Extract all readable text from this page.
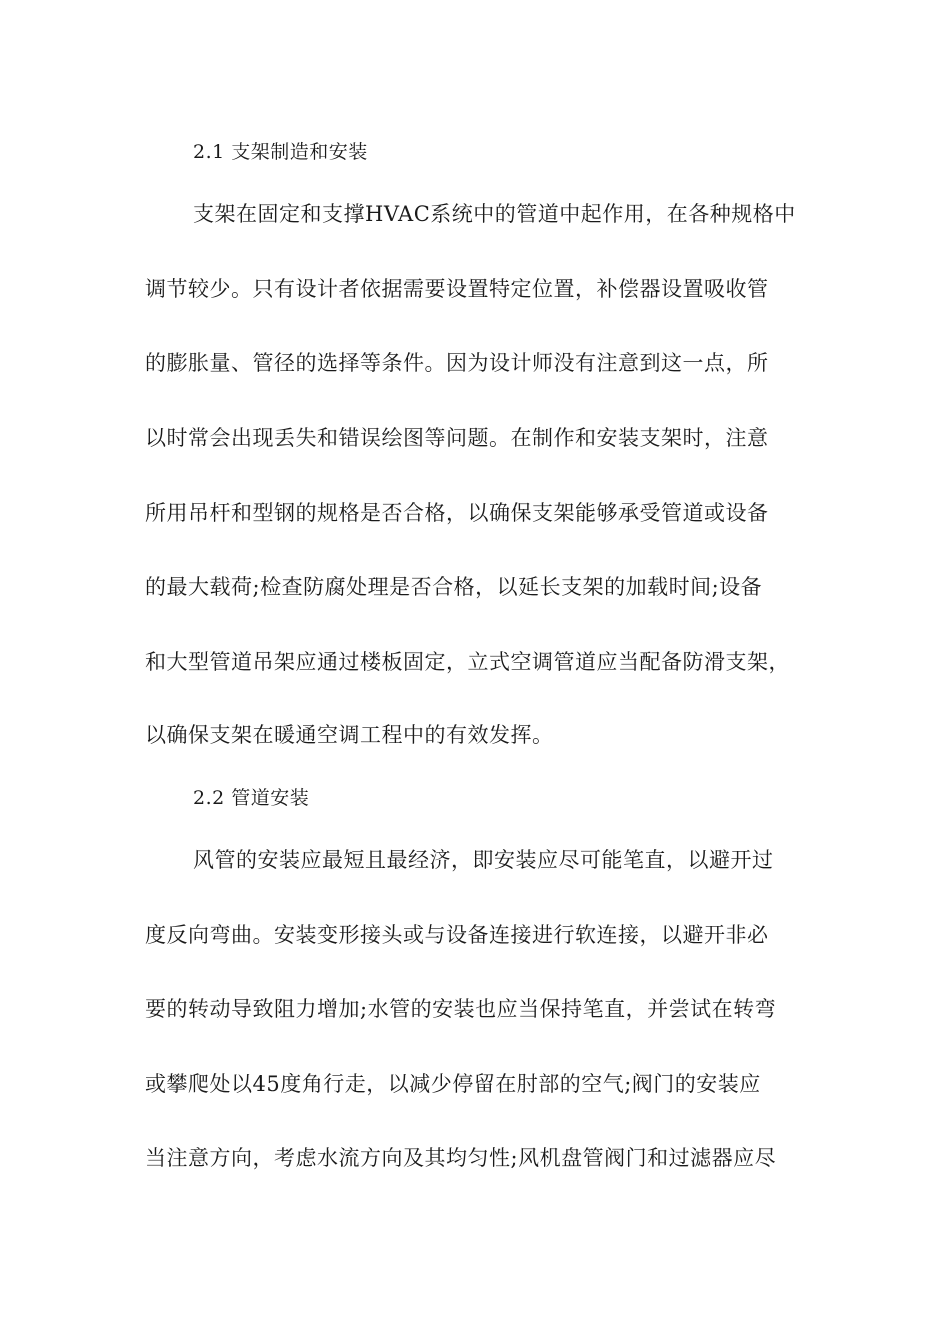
2.1 支架制造和安装
支架在固定和支撑HVAC系统中的管道中起作用，在各种规格中
调节较少。只有设计者依据需要设置特定位置，补偿器设置吸收管
的膨胀量、管径的选择等条件。因为设计师没有注意到这一点，所
以时常会出现丢失和错误绘图等问题。在制作和安装支架时，注意
所用吊杆和型钢的规格是否合格，以确保支架能够承受管道或设备
的最大载荷;检查防腐处理是否合格，以延长支架的加载时间;设备
和大型管道吊架应通过楼板固定，立式空调管道应当配备防滑支架，
以确保支架在暖通空调工程中的有效发挥。
2.2 管道安装
风管的安装应最短且最经济，即安装应尽可能笔直，以避开过
度反向弯曲。安装变形接头或与设备连接进行软连接，以避开非必
要的转动导致阻力增加;水管的安装也应当保持笔直，并尝试在转弯
或攀爬处以45度角行走，以减少停留在肘部的空气;阀门的安装应
当注意方向，考虑水流方向及其均匀性;风机盘管阀门和过滤器应尽
